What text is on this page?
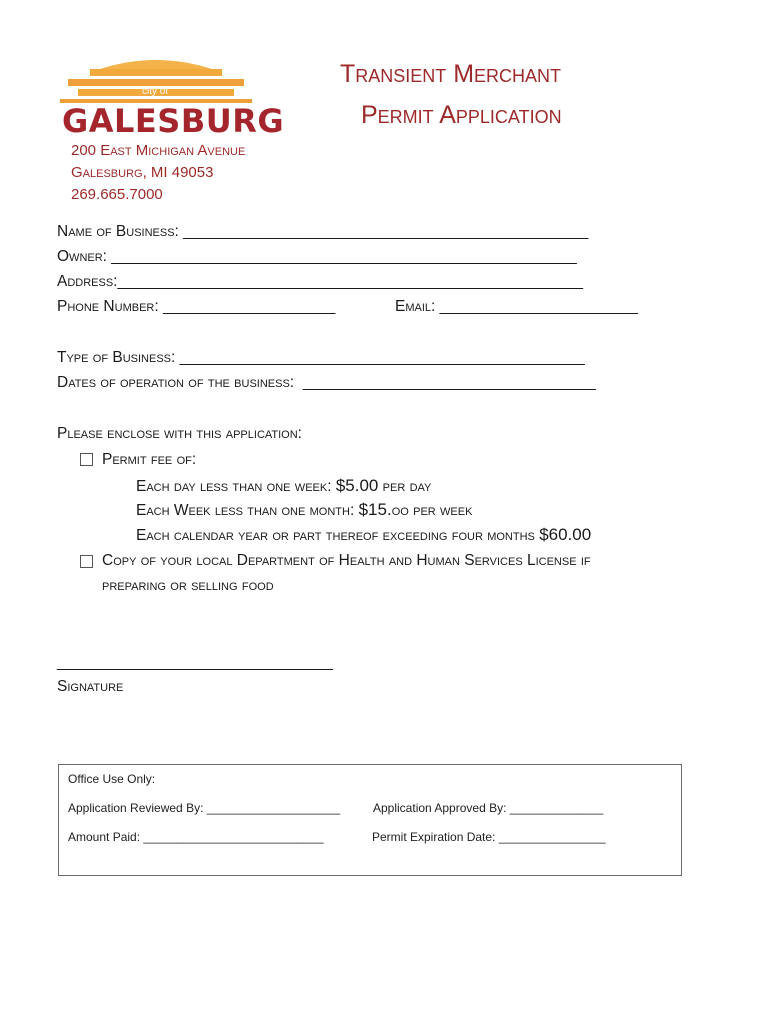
city of
GALESBURG
Transient Merchant
Permit Application
200 East Michigan Avenue
Galesburg, MI 49053
269.665.7000
Name of Business: _______________________________________________
Owner: ______________________________________________________
Address:______________________________________________________
Phone Number: ____________________	Email: _______________________
Type of Business: _______________________________________________
Dates of operation of the business:  __________________________________
Please enclose with this application:
Permit fee of:
Each day less than one week: $5.00 per day
Each Week less than one month: $15.oo per week
Each calendar year or part thereof exceeding four months $60.00
Copy of your local Department of Health and Human Services License if
preparing or selling food
________________________________
Signature
Office Use Only:
Application Reviewed By: ____________________	Application Approved By: ______________
Amount Paid: ___________________________	Permit Expiration Date: ________________
